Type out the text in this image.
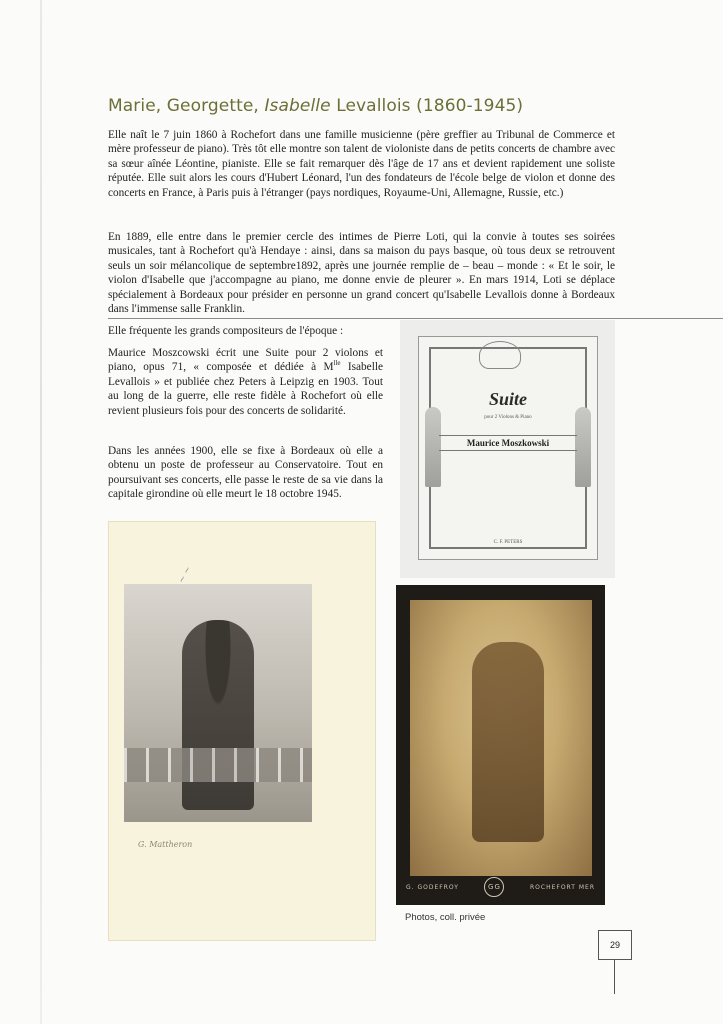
Marie, Georgette, Isabelle Levallois (1860-1945)

Elle naît le 7 juin 1860 à Rochefort dans une famille musicienne (père greffier au Tribunal de Commerce et mère professeur de piano). Très tôt elle montre son talent de violoniste dans de petits concerts de chambre avec sa sœur aînée Léontine, pianiste. Elle se fait remarquer dès l'âge de 17 ans et devient rapidement une soliste réputée. Elle suit alors les cours d'Hubert Léonard, l'un des fondateurs de l'école belge de violon et donne des concerts en France, à Paris puis à l'étranger (pays nordiques, Royaume-Uni, Allemagne, Russie, etc.)

En 1889, elle entre dans le premier cercle des intimes de Pierre Loti, qui la convie à toutes ses soirées musicales, tant à Rochefort qu'à Hendaye : ainsi, dans sa maison du pays basque, où tous deux se retrouvent seuls un soir mélancolique de septembre1892, après une journée remplie de – beau – monde : « Et le soir, le violon d'Isabelle que j'accompagne au piano, me donne envie de pleurer ». En mars 1914, Loti se déplace spécialement à Bordeaux pour présider en personne un grand concert qu'Isabelle Levallois donne à Bordeaux dans l'immense salle Franklin.

Elle fréquente les grands compositeurs de l'époque :

Maurice Moszcowski écrit une Suite pour 2 violons et piano, opus 71, « composée et dédiée à $M^{lle}$ Isabelle Levallois » et publiée chez Peters à Leipzig en 1903. Tout au long de la guerre, elle reste fidèle à Rochefort où elle revient plusieurs fois pour des concerts de solidarité.

Dans les années 1900, elle se fixe à Bordeaux où elle a obtenu un poste de professeur au Conservatoire. Tout en poursuivant ses concerts, elle passe le reste de sa vie dans la capitale girondine où elle meurt le 18 octobre 1945.

Suite
pour 2 Violons & Piano
Maurice Moszkowski
C. F. PETERS
G. Mattheron
G. GODEFROY	GG	ROCHEFORT MER
Photos, coll. privée
29
